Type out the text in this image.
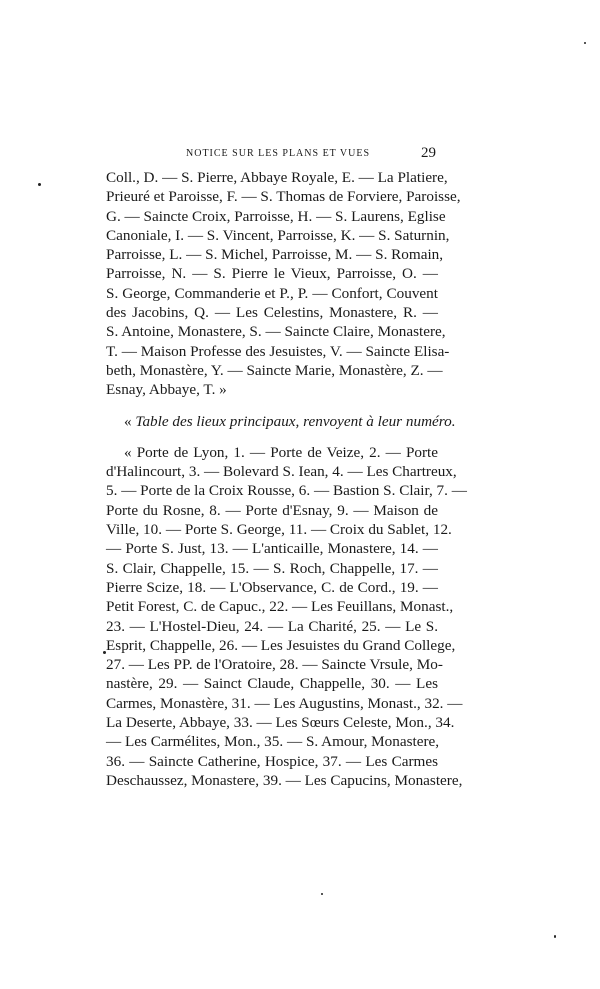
NOTICE SUR LES PLANS ET VUES	29
Coll., D. — S. Pierre, Abbaye Royale, E. — La Platiere,
Prieuré et Paroisse, F. — S. Thomas de Forviere, Paroisse,
G. — Saincte Croix, Parroisse, H. — S. Laurens, Eglise
Canoniale, I. — S. Vincent, Parroisse, K. — S. Saturnin,
Parroisse, L. — S. Michel, Parroisse, M. — S. Romain,
Parroisse, N. — S. Pierre le Vieux, Parroisse, O. —
S. George, Commanderie et P., P. — Confort, Couvent
des Jacobins, Q. — Les Celestins, Monastere, R. —
S. Antoine, Monastere, S. — Saincte Claire, Monastere,
T. — Maison Professe des Jesuistes, V. — Saincte Elisa-
beth, Monastère, Y. — Saincte Marie, Monastère, Z. —
Esnay, Abbaye, T. »

« Table des lieux principaux, renvoyent à leur numéro.

« Porte de Lyon, 1. — Porte de Veize, 2. — Porte
d'Halincourt, 3. — Bolevard S. Iean, 4. — Les Chartreux,
5. — Porte de la Croix Rousse, 6. — Bastion S. Clair, 7. —
Porte du Rosne, 8. — Porte d'Esnay, 9. — Maison de
Ville, 10. — Porte S. George, 11. — Croix du Sablet, 12.
— Porte S. Just, 13. — L'anticaille, Monastere, 14. —
S. Clair, Chappelle, 15. — S. Roch, Chappelle, 17. —
Pierre Scize, 18. — L'Observance, C. de Cord., 19. —
Petit Forest, C. de Capuc., 22. — Les Feuillans, Monast.,
23. — L'Hostel-Dieu, 24. — La Charité, 25. — Le S.
Esprit, Chappelle, 26. — Les Jesuistes du Grand College,
27. — Les PP. de l'Oratoire, 28. — Saincte Vrsule, Mo-
nastère, 29. — Sainct Claude, Chappelle, 30. — Les
Carmes, Monastère, 31. — Les Augustins, Monast., 32. —
La Deserte, Abbaye, 33. — Les Sœurs Celeste, Mon., 34.
— Les Carmélites, Mon., 35. — S. Amour, Monastere,
36. — Saincte Catherine, Hospice, 37. — Les Carmes
Deschaussez, Monastere, 39. — Les Capucins, Monastere,
